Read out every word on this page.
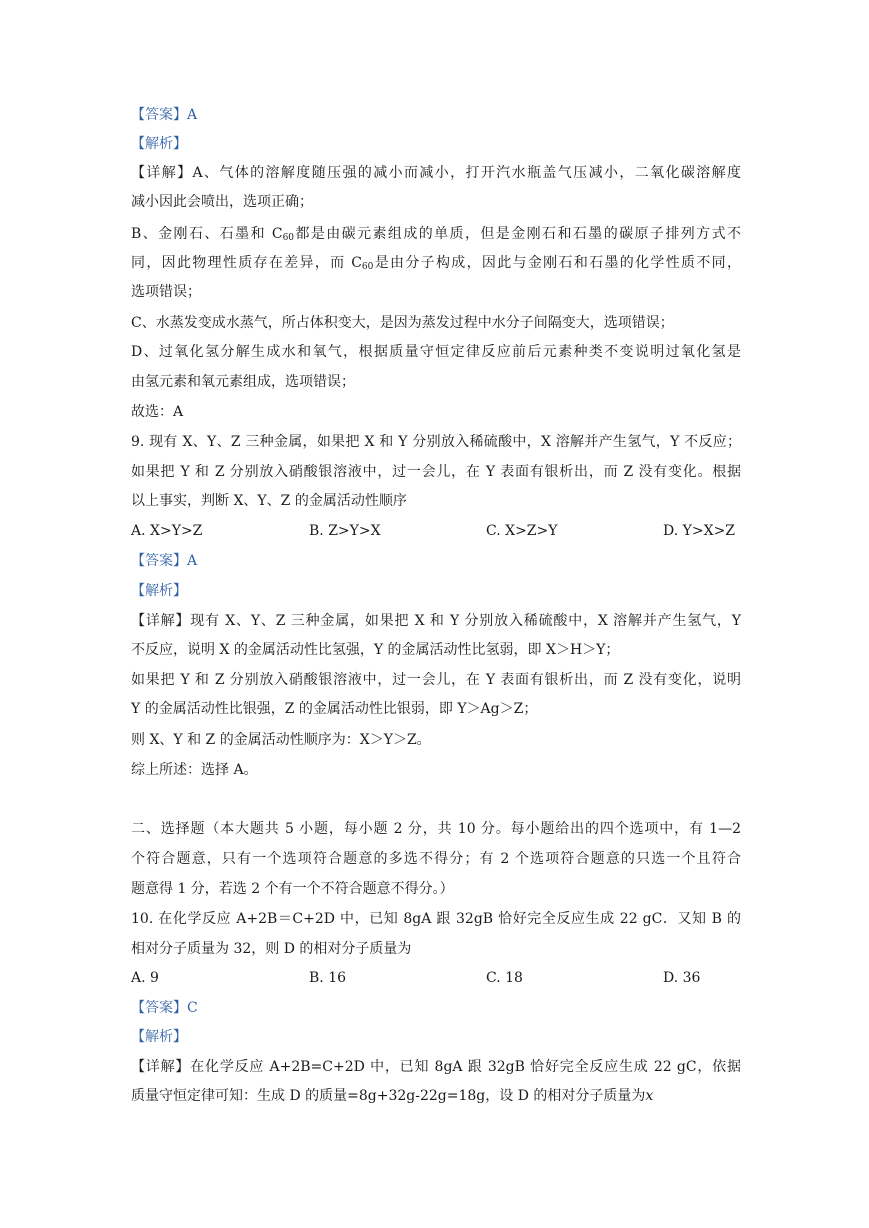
【答案】A
【解析】
【详解】A、气体的溶解度随压强的减小而减小，打开汽水瓶盖气压减小，二氧化碳溶解度
减小因此会喷出，选项正确；
B、金刚石、石墨和 $C_{60}$都是由碳元素组成的单质，但是金刚石和石墨的碳原子排列方式不
同，因此物理性质存在差异，而 $C_{60}$是由分子构成，因此与金刚石和石墨的化学性质不同，
选项错误；
C、水蒸发变成水蒸气，所占体积变大，是因为蒸发过程中水分子间隔变大，选项错误；
D、过氧化氢分解生成水和氧气，根据质量守恒定律反应前后元素种类不变说明过氧化氢是
由氢元素和氧元素组成，选项错误；
故选：A
9. 现有 X、Y、Z 三种金属，如果把 X 和 Y 分别放入稀硫酸中，X 溶解并产生氢气，Y 不反应；
如果把 Y 和 Z 分别放入硝酸银溶液中，过一会儿，在 Y 表面有银析出，而 Z 没有变化。根据
以上事实，判断 X、Y、Z 的金属活动性顺序
A. X>Y>Z	B. Z>Y>X	C. X>Z>Y	D. Y>X>Z
【答案】A
【解析】
【详解】现有 X、Y、Z 三种金属，如果把 X 和 Y 分别放入稀硫酸中，X 溶解并产生氢气，Y
不反应，说明 X 的金属活动性比氢强，Y 的金属活动性比氢弱，即 X＞H＞Y；
如果把 Y 和 Z 分别放入硝酸银溶液中，过一会儿，在 Y 表面有银析出，而 Z 没有变化，说明
Y 的金属活动性比银强，Z 的金属活动性比银弱，即 Y＞Ag＞Z；
则 X、Y 和 Z 的金属活动性顺序为：X＞Y＞Z。
综上所述：选择 A。
二、选择题（本大题共 5 小题，每小题 2 分，共 10 分。每小题给出的四个选项中，有 1—2
个符合题意，只有一个选项符合题意的多选不得分；有 2 个选项符合题意的只选一个且符合
题意得 1 分，若选 2 个有一个不符合题意不得分。）
10. 在化学反应 A+2B＝C+2D 中，已知 8gA 跟 32gB 恰好完全反应生成 22 gC．又知 B 的
相对分子质量为 32，则 D 的相对分子质量为
A. 9	B. 16	C. 18	D. 36
【答案】C
【解析】
【详解】在化学反应 A+2B=C+2D 中，已知 8gA 跟 32gB 恰好完全反应生成 22 gC，依据
质量守恒定律可知：生成 D 的质量=8g+32g-22g=18g，设 D 的相对分子质量为x
